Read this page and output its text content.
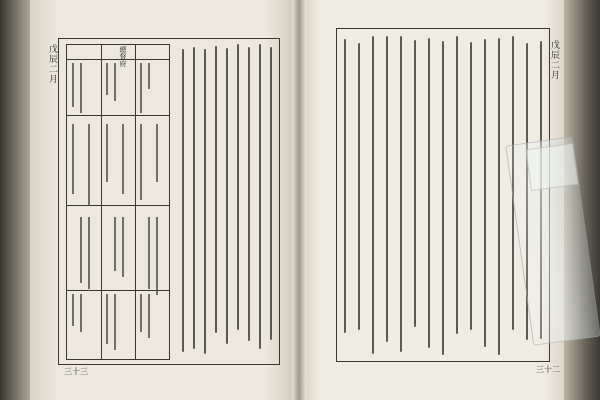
戊辰二月
三十三
總督府	戊辰二月
三十二
